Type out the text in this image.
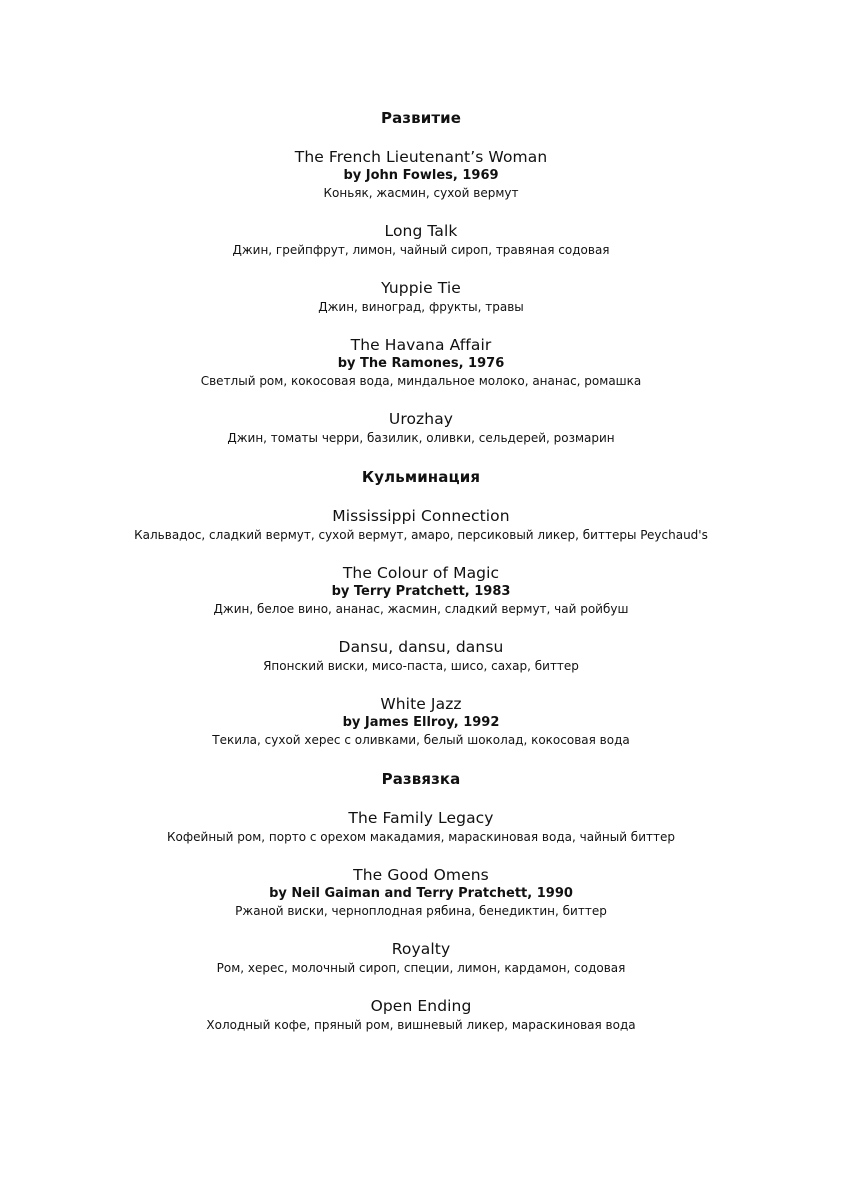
Развитие
The French Lieutenant’s Woman
by John Fowles, 1969
Коньяк, жасмин, сухой вермут
Long Talk
Джин, грейпфрут, лимон, чайный сироп, травяная содовая
Yuppie Tie
Джин, виноград, фрукты, травы
The Havana Affair
by The Ramones, 1976
Светлый ром, кокосовая вода, миндальное молоко, ананас, ромашка
Urozhay
Джин, томаты черри, базилик, оливки, сельдерей, розмарин
Кульминация
Mississippi Connection
Кальвадос, сладкий вермут, сухой вермут, амаро, персиковый ликер, биттеры Peychaud's
The Colour of Magic
by Terry Pratchett, 1983
Джин, белое вино, ананас, жасмин, сладкий вермут, чай ройбуш
Dansu, dansu, dansu
Японский виски, мисо-паста, шисо, сахар, биттер
White Jazz
by James Ellroy, 1992
Текила, сухой херес с оливками, белый шоколад, кокосовая вода
Развязка
The Family Legacy
Кофейный ром, порто с орехом макадамия, мараскиновая вода, чайный биттер
The Good Omens
by Neil Gaiman and Terry Pratchett, 1990
Ржаной виски, черноплодная рябина, бенедиктин, биттер
Royalty
Ром, херес, молочный сироп, специи, лимон, кардамон, содовая
Open Ending
Холодный кофе, пряный ром, вишневый ликер, мараскиновая вода
